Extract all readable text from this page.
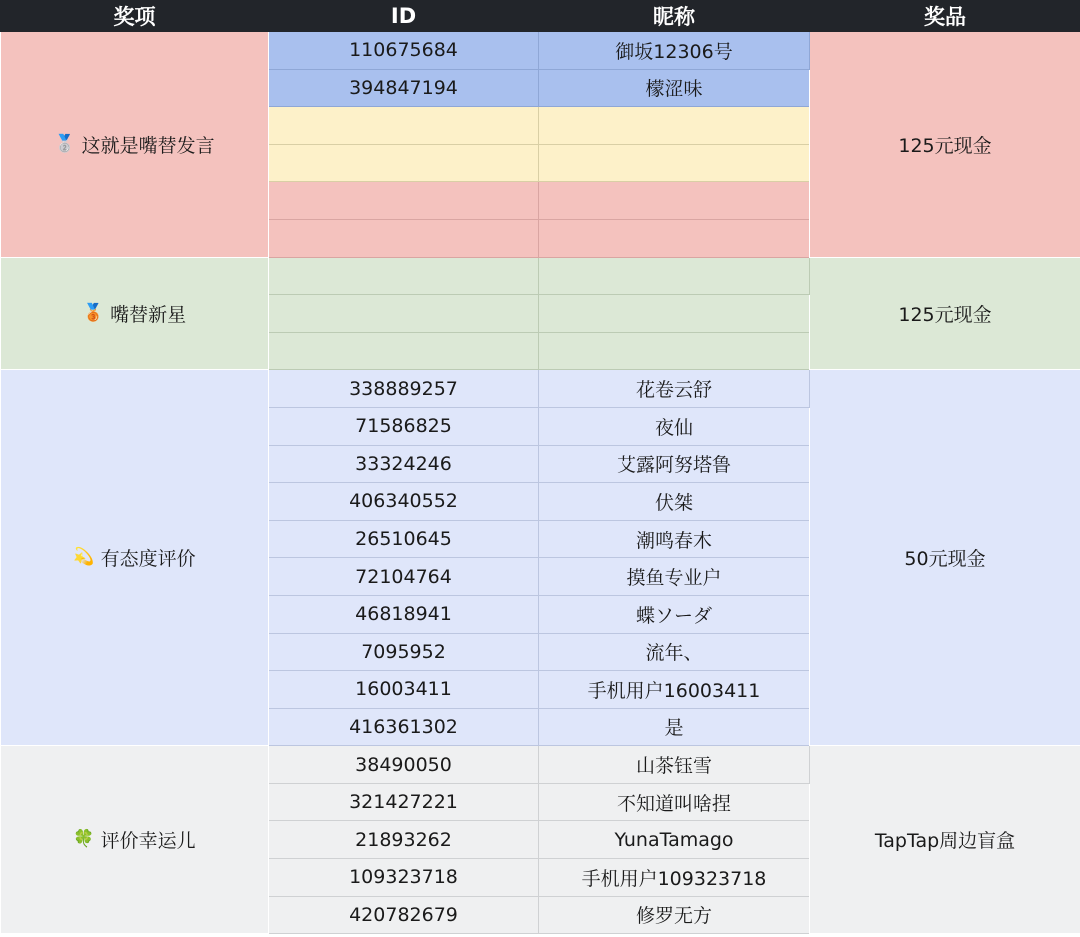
奖项	ID	昵称	奖品

🥈 这就是嘴替发言	110675684	御坂12306号	125元现金
	394847194	檬涩味	

🥉 嘴替新星			125元现金

💫 有态度评价	338889257	花卷云舒	50元现金
	71586825	夜仙	
	33324246	艾露阿努塔鲁	
	406340552	伏桀	
	26510645	潮鸣春木	
	72104764	摸鱼专业户	
	46818941	蝶ソーダ	
	7095952	流年、	
	16003411	手机用户16003411	
	416361302	是	

🍀 评价幸运儿	38490050	山茶钰雪	TapTap周边盲盒
	321427221	不知道叫啥捏	
	21893262	YunaTamago	
	109323718	手机用户109323718	
	420782679	修罗无方	
